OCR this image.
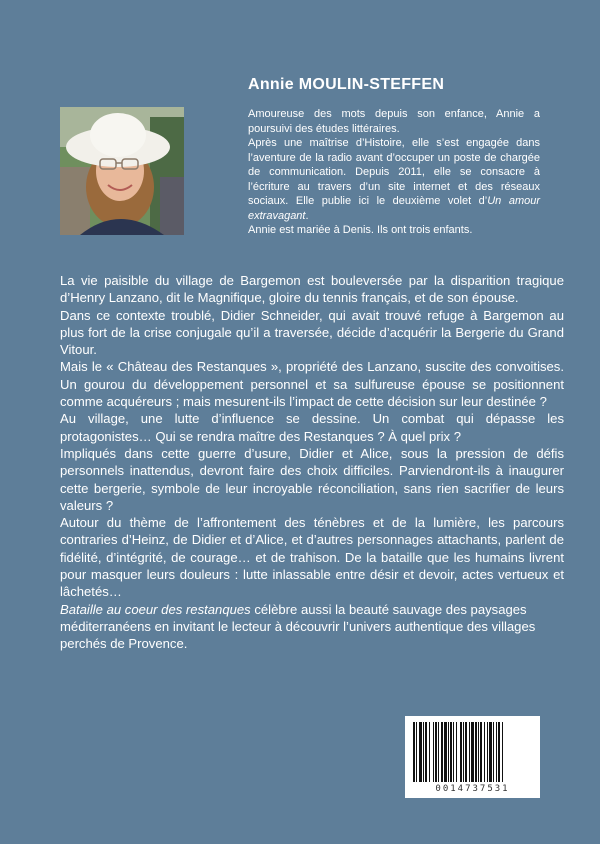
Annie MOULIN-STEFFEN

Amoureuse des mots depuis son enfance, Annie a poursuivi des études littéraires.

Après une maîtrise d’Histoire, elle s’est engagée dans l’aventure de la radio avant d’occuper un poste de chargée de communication. Depuis 2011, elle se consacre à l’écriture au travers d’un site internet et des réseaux sociaux. Elle publie ici le deuxième volet d’Un amour extravagant.

Annie est mariée à Denis. Ils ont trois enfants.

La vie paisible du village de Bargemon est bouleversée par la disparition tragique d’Henry Lanzano, dit le Magnifique, gloire du tennis français, et de son épouse.

Dans ce contexte troublé, Didier Schneider, qui avait trouvé refuge à Bargemon au plus fort de la crise conjugale qu’il a traversée, décide d’acquérir la Bergerie du Grand Vitour.

Mais le « Château des Restanques », propriété des Lanzano, suscite des convoitises. Un gourou du développement personnel et sa sulfureuse épouse se positionnent comme acquéreurs ; mais mesurent-ils l’impact de cette décision sur leur destinée ?

Au village, une lutte d’influence se dessine. Un combat qui dépasse les protagonistes… Qui se rendra maître des Restanques ? À quel prix ?

Impliqués dans cette guerre d’usure, Didier et Alice, sous la pression de défis personnels inattendus, devront faire des choix difficiles. Parviendront-ils à inaugurer cette bergerie, symbole de leur incroyable réconciliation, sans rien sacrifier de leurs valeurs ?

Autour du thème de l’affrontement des ténèbres et de la lumière, les parcours contraries d’Heinz, de Didier et d’Alice, et d’autres personnages attachants, parlent de fidélité, d’intégrité, de courage… et de trahison. De la bataille que les humains livrent pour masquer leurs douleurs : lutte inlassable entre désir et devoir, actes vertueux et lâchetés…

Bataille au coeur des restanques célèbre aussi la beauté sauvage des paysages méditerranéens en invitant le lecteur à découvrir l’univers authentique des villages perchés de Provence.

0014737531
